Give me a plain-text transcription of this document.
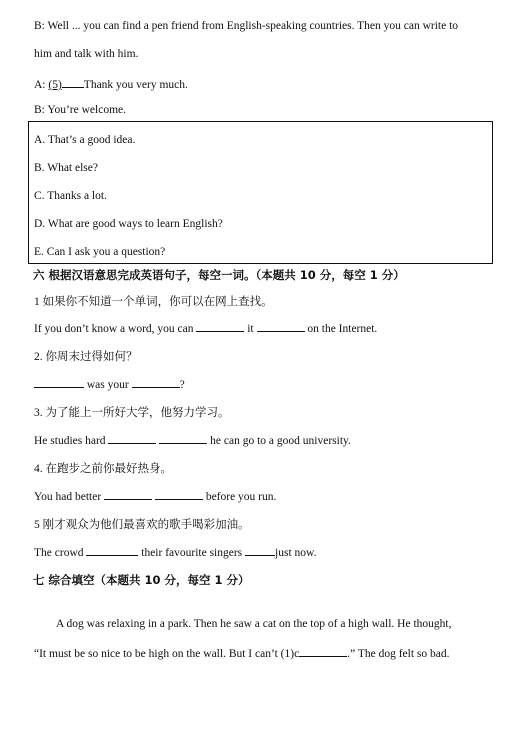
B: Well ... you can find a pen friend from English-speaking countries. Then you can write to
him and talk with him.
A: (5) Thank you very much.
B: You’re welcome.
A. That’s a good idea.
B. What else?
C. Thanks a lot.
D. What are good ways to learn English?
E. Can I ask you a question?
六 根据汉语意思完成英语句子，每空一词。（本题共 10 分，每空 1 分）
1 如果你不知道一个单词，你可以在网上查找。
If you don’t know a word, you can	it	on the Internet.
2. 你周末过得如何？
was your	?
3. 为了能上一所好大学，他努力学习。
He studies hard	he can go to a good university.
4. 在跑步之前你最好热身。
You had better	before you run.
5 刚才观众为他们最喜欢的歌手喝彩加油。
The crowd	their favourite singers	just now.
七 综合填空（本题共 10 分，每空 1 分）
A dog was relaxing in a park. Then he saw a cat on the top of a high wall. He thought,
“It must be so nice to be high on the wall. But I can’t (1)c	.” The dog felt so bad.
